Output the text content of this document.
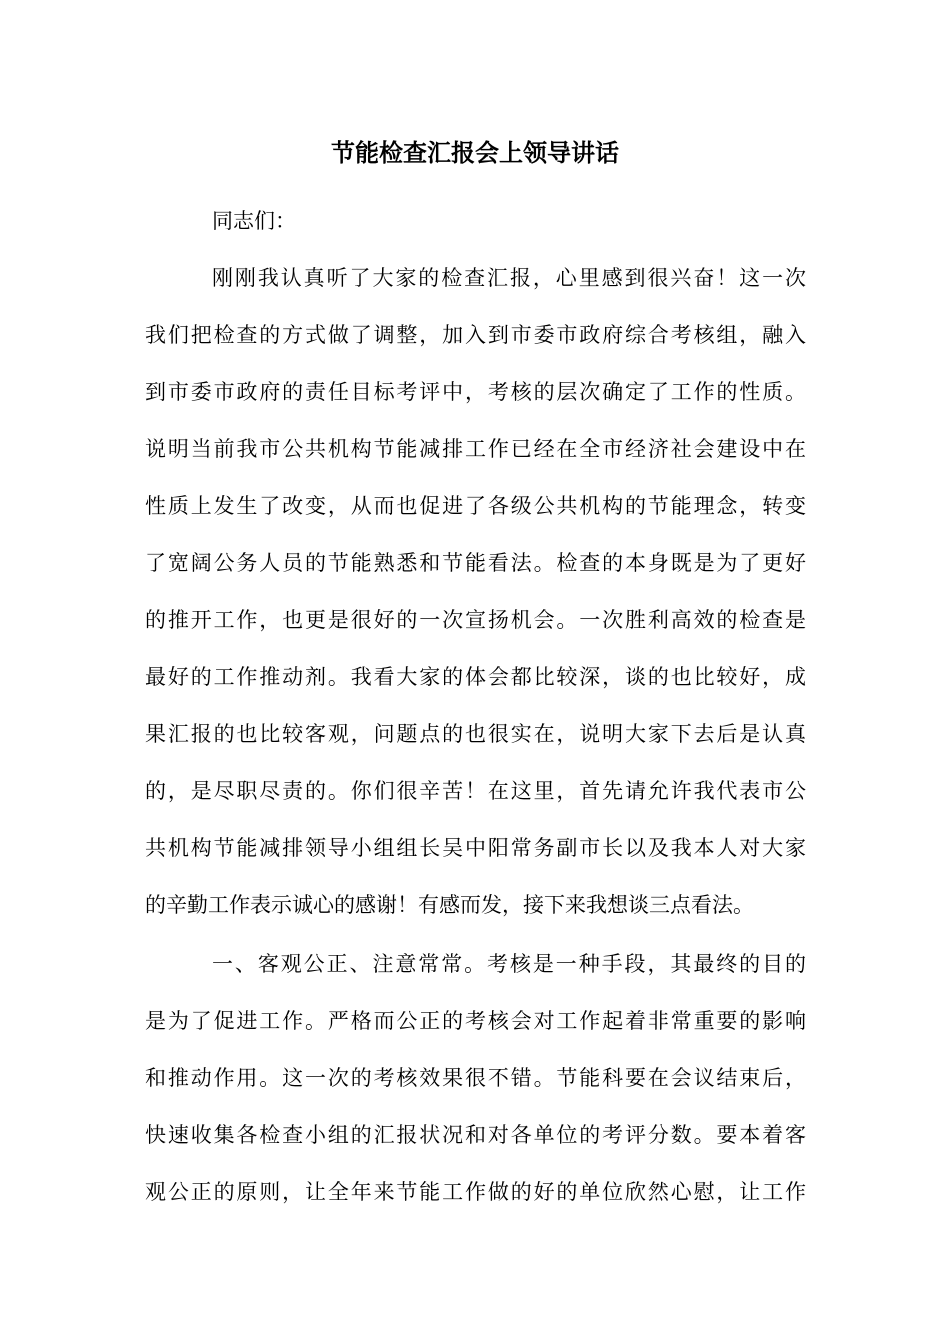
节能检查汇报会上领导讲话
同志们：
刚刚我认真听了大家的检查汇报，心里感到很兴奋！这一次
我们把检查的方式做了调整，加入到市委市政府综合考核组，融入
到市委市政府的责任目标考评中，考核的层次确定了工作的性质。
说明当前我市公共机构节能减排工作已经在全市经济社会建设中在
性质上发生了改变，从而也促进了各级公共机构的节能理念，转变
了宽阔公务人员的节能熟悉和节能看法。检查的本身既是为了更好
的推开工作，也更是很好的一次宣扬机会。一次胜利高效的检查是
最好的工作推动剂。我看大家的体会都比较深，谈的也比较好，成
果汇报的也比较客观，问题点的也很实在，说明大家下去后是认真
的，是尽职尽责的。你们很辛苦！在这里，首先请允许我代表市公
共机构节能减排领导小组组长吴中阳常务副市长以及我本人对大家
的辛勤工作表示诚心的感谢！有感而发，接下来我想谈三点看法。
一、客观公正、注意常常。考核是一种手段，其最终的目的
是为了促进工作。严格而公正的考核会对工作起着非常重要的影响
和推动作用。这一次的考核效果很不错。节能科要在会议结束后，
快速收集各检查小组的汇报状况和对各单位的考评分数。要本着客
观公正的原则，让全年来节能工作做的好的单位欣然心慰，让工作
